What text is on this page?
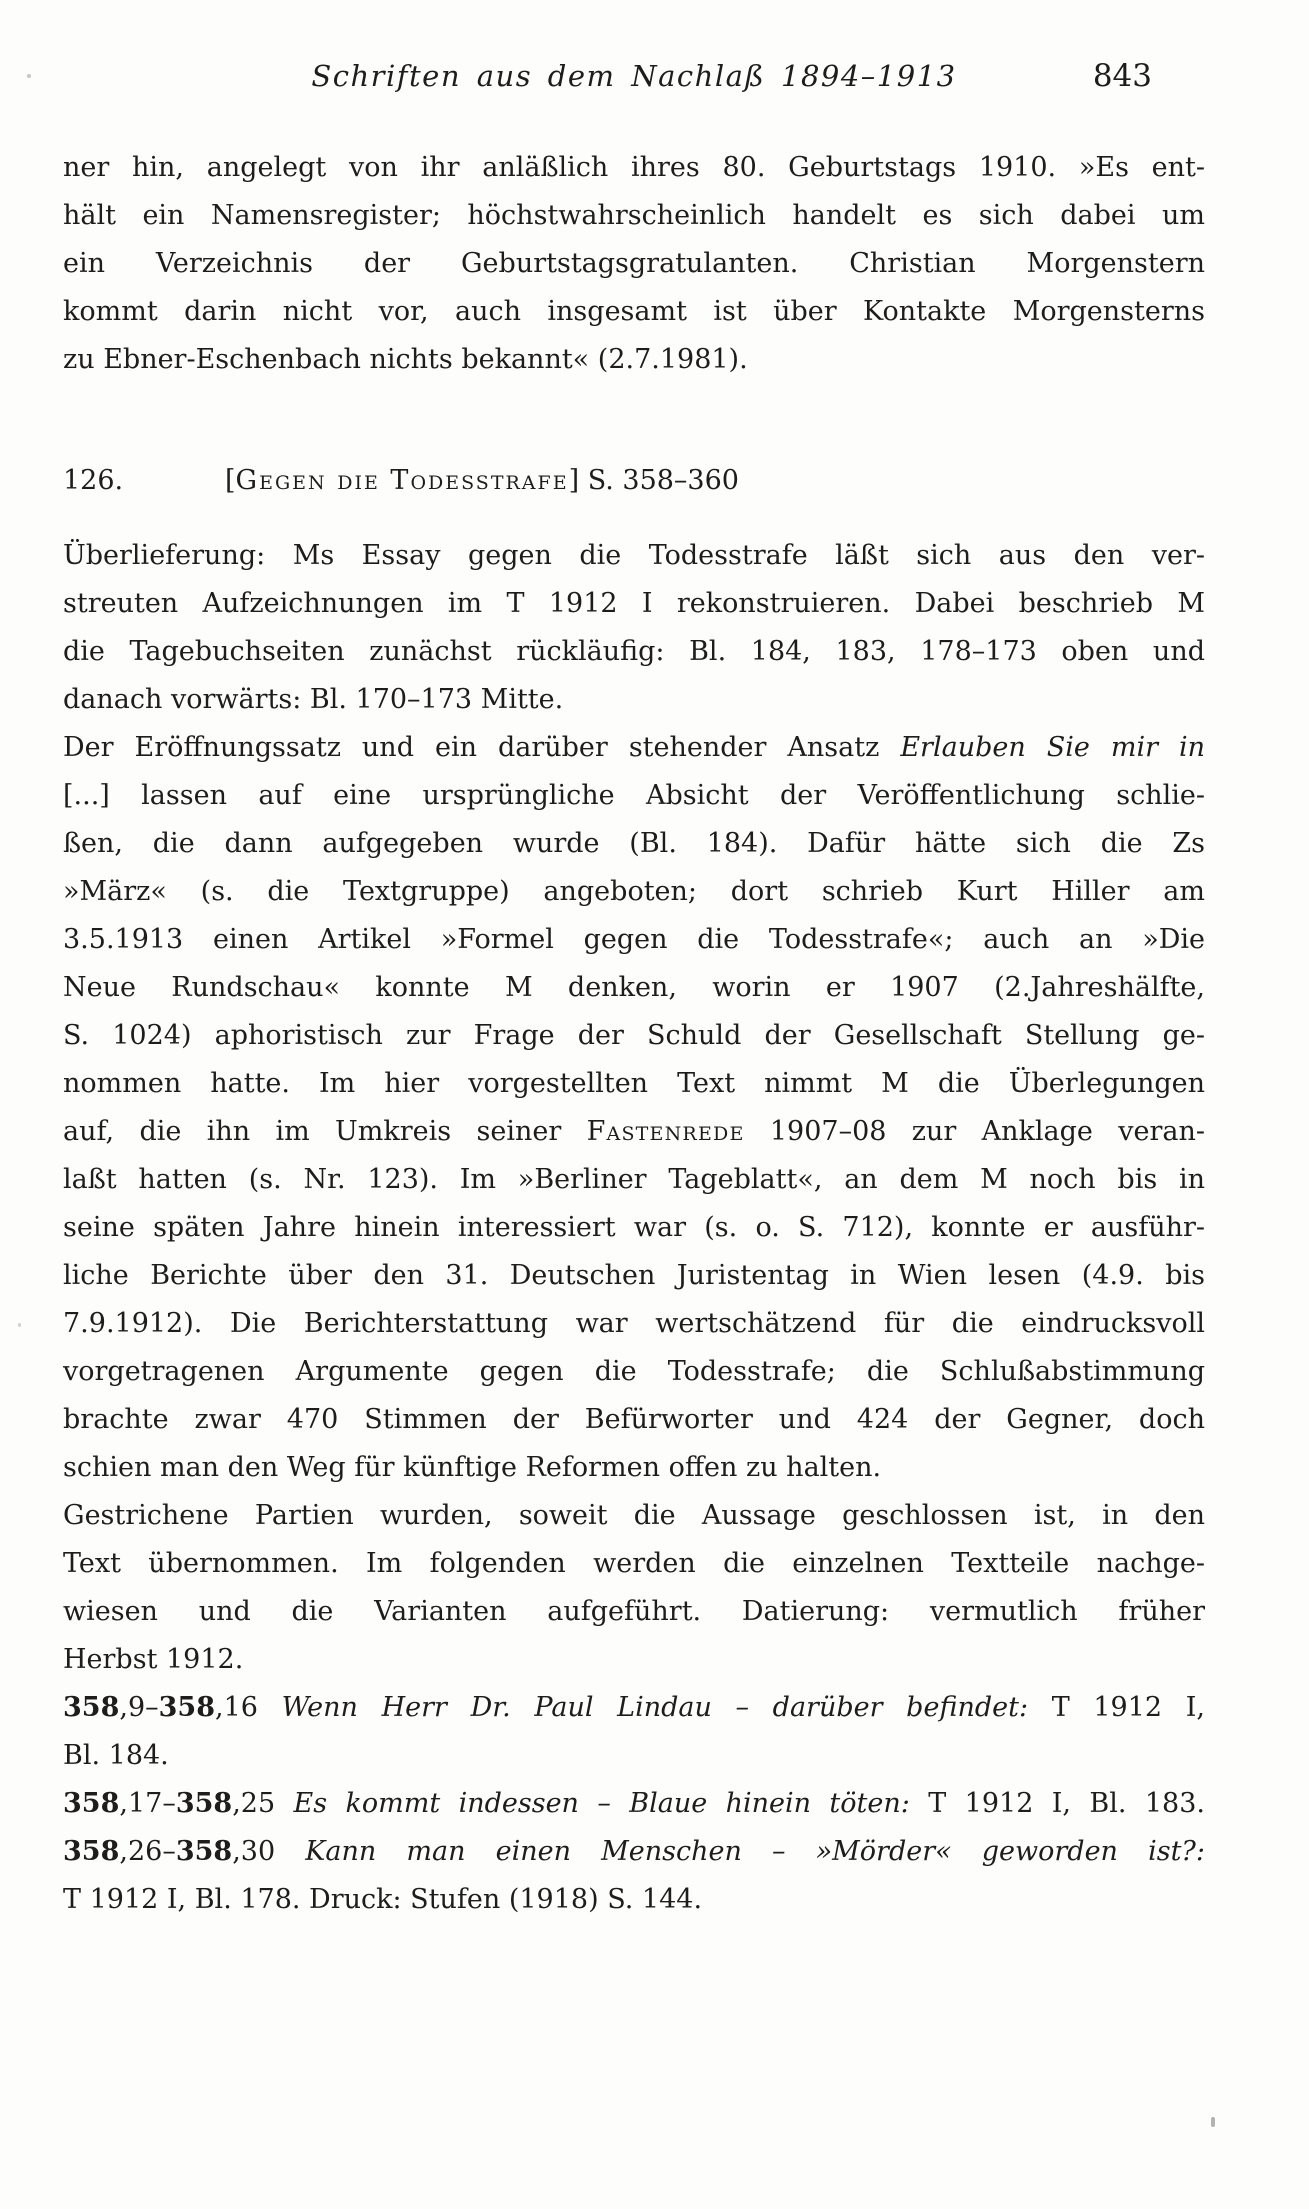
Schriften aus dem Nachlaß 1894–1913	843
ner hin, angelegt von ihr anläßlich ihres 80. Geburtstags 1910. »Es ent-
hält ein Namensregister; höchstwahrscheinlich handelt es sich dabei um
ein Verzeichnis der Geburtstagsgratulanten. Christian Morgenstern
kommt darin nicht vor, auch insgesamt ist über Kontakte Morgensterns
zu Ebner-Eschenbach nichts bekannt« (2.7.1981).
126.	[Gegen die Todesstrafe] S. 358–360
Überlieferung: Ms Essay gegen die Todesstrafe läßt sich aus den ver-
streuten Aufzeichnungen im T 1912 I rekonstruieren. Dabei beschrieb M
die Tagebuchseiten zunächst rückläufig: Bl. 184, 183, 178–173 oben und
danach vorwärts: Bl. 170–173 Mitte.
Der Eröffnungssatz und ein darüber stehender Ansatz Erlauben Sie mir in
[...] lassen auf eine ursprüngliche Absicht der Veröffentlichung schlie-
ßen, die dann aufgegeben wurde (Bl. 184). Dafür hätte sich die Zs
»März« (s. die Textgruppe) angeboten; dort schrieb Kurt Hiller am
3.5.1913 einen Artikel »Formel gegen die Todesstrafe«; auch an »Die
Neue Rundschau« konnte M denken, worin er 1907 (2.Jahreshälfte,
S. 1024) aphoristisch zur Frage der Schuld der Gesellschaft Stellung ge-
nommen hatte. Im hier vorgestellten Text nimmt M die Überlegungen
auf, die ihn im Umkreis seiner Fastenrede 1907–08 zur Anklage veran-
laßt hatten (s. Nr. 123). Im »Berliner Tageblatt«, an dem M noch bis in
seine späten Jahre hinein interessiert war (s. o. S. 712), konnte er ausführ-
liche Berichte über den 31. Deutschen Juristentag in Wien lesen (4.9. bis
7.9.1912). Die Berichterstattung war wertschätzend für die eindrucksvoll
vorgetragenen Argumente gegen die Todesstrafe; die Schlußabstimmung
brachte zwar 470 Stimmen der Befürworter und 424 der Gegner, doch
schien man den Weg für künftige Reformen offen zu halten.
Gestrichene Partien wurden, soweit die Aussage geschlossen ist, in den
Text übernommen. Im folgenden werden die einzelnen Textteile nachge-
wiesen und die Varianten aufgeführt. Datierung: vermutlich früher
Herbst 1912.
358,9–358,16 Wenn Herr Dr. Paul Lindau – darüber befindet: T 1912 I,
Bl. 184.
358,17–358,25 Es kommt indessen – Blaue hinein töten: T 1912 I, Bl. 183.
358,26–358,30 Kann man einen Menschen – »Mörder« geworden ist?:
T 1912 I, Bl. 178. Druck: Stufen (1918) S. 144.
